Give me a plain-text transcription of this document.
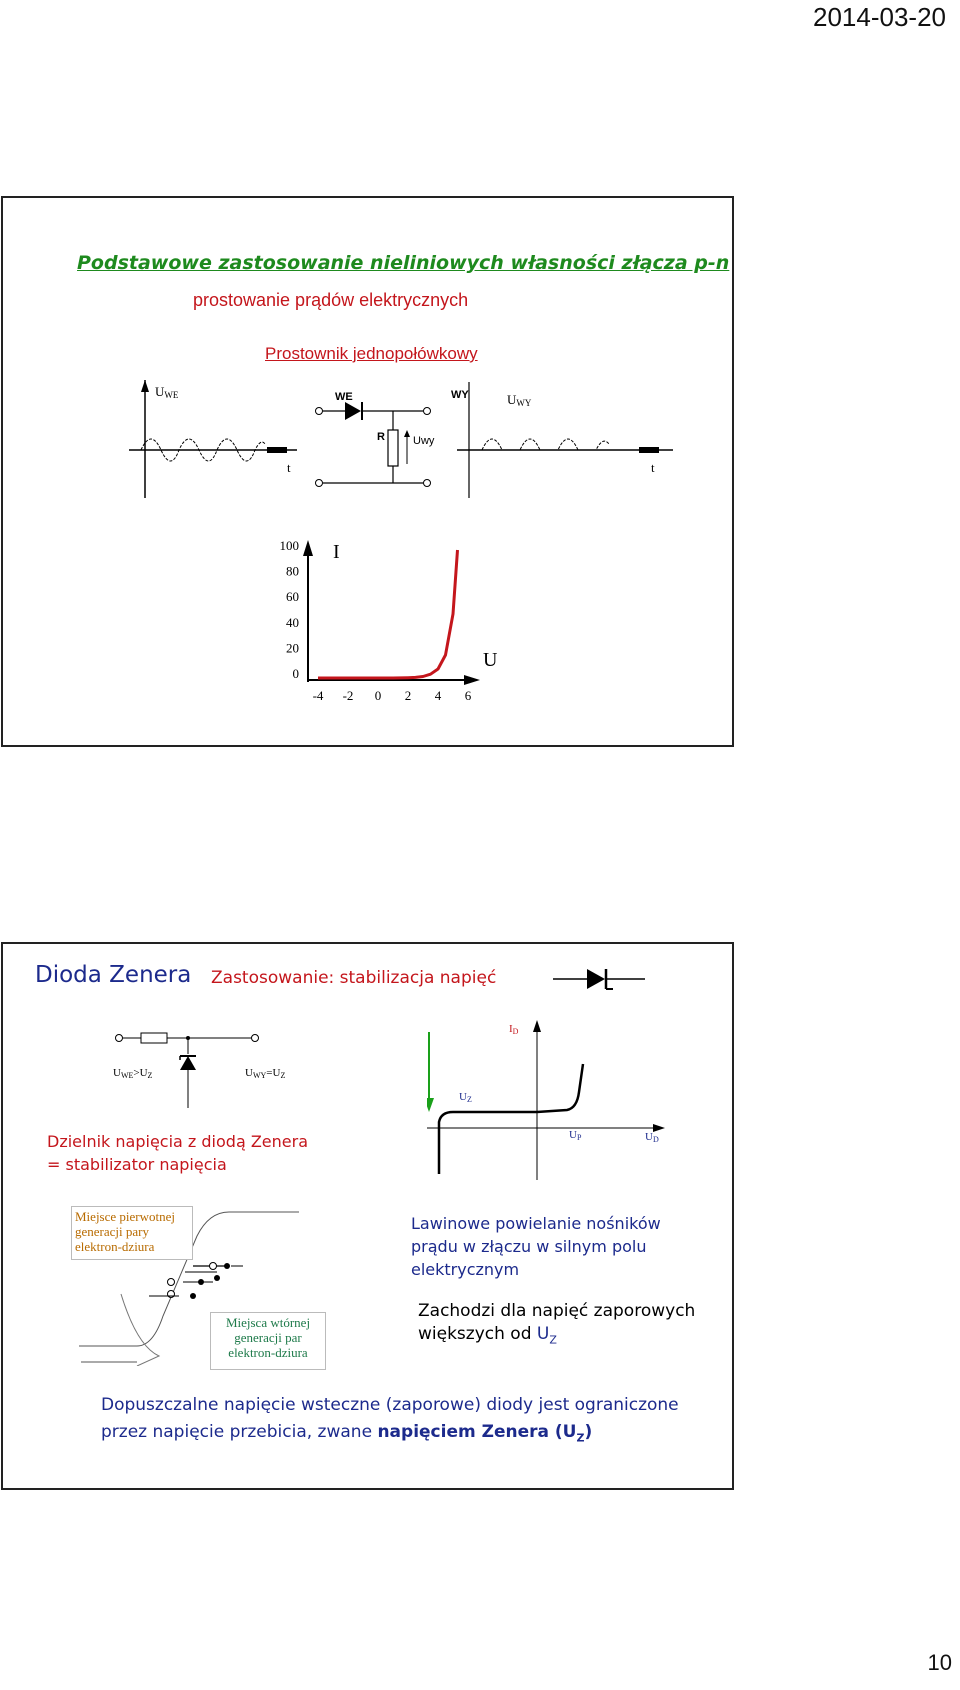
2014-03-20
Podstawowe zastosowanie nieliniowych własności złącza p-n
prostowanie prądów elektrycznych
Prostownik jednopołówkowy
UWE
t
WE	WY
R	Uwy
UWY
t
0
20
40
60
80
100
-4 -2 0 2 4 6
I
U
Dioda Zenera Zastosowanie: stabilizacja napięć
UWE>UZ	UWY=UZ
Dzielnik napięcia z diodą Zenera
= stabilizator napięcia
ID
UZ
UP	UD
Miejsce pierwotnej
generacji pary
elektron-dziura
Miejsca wtórnej
generacji par
elektron-dziura
Lawinowe powielanie nośników
prądu w złączu w silnym polu
elektrycznym
Zachodzi dla napięć zaporowych
większych od $U_Z$
Dopuszczalne napięcie wsteczne (zaporowe) diody jest ograniczone
przez napięcie przebicia, zwane napięciem Zenera $(U_Z)$
10
